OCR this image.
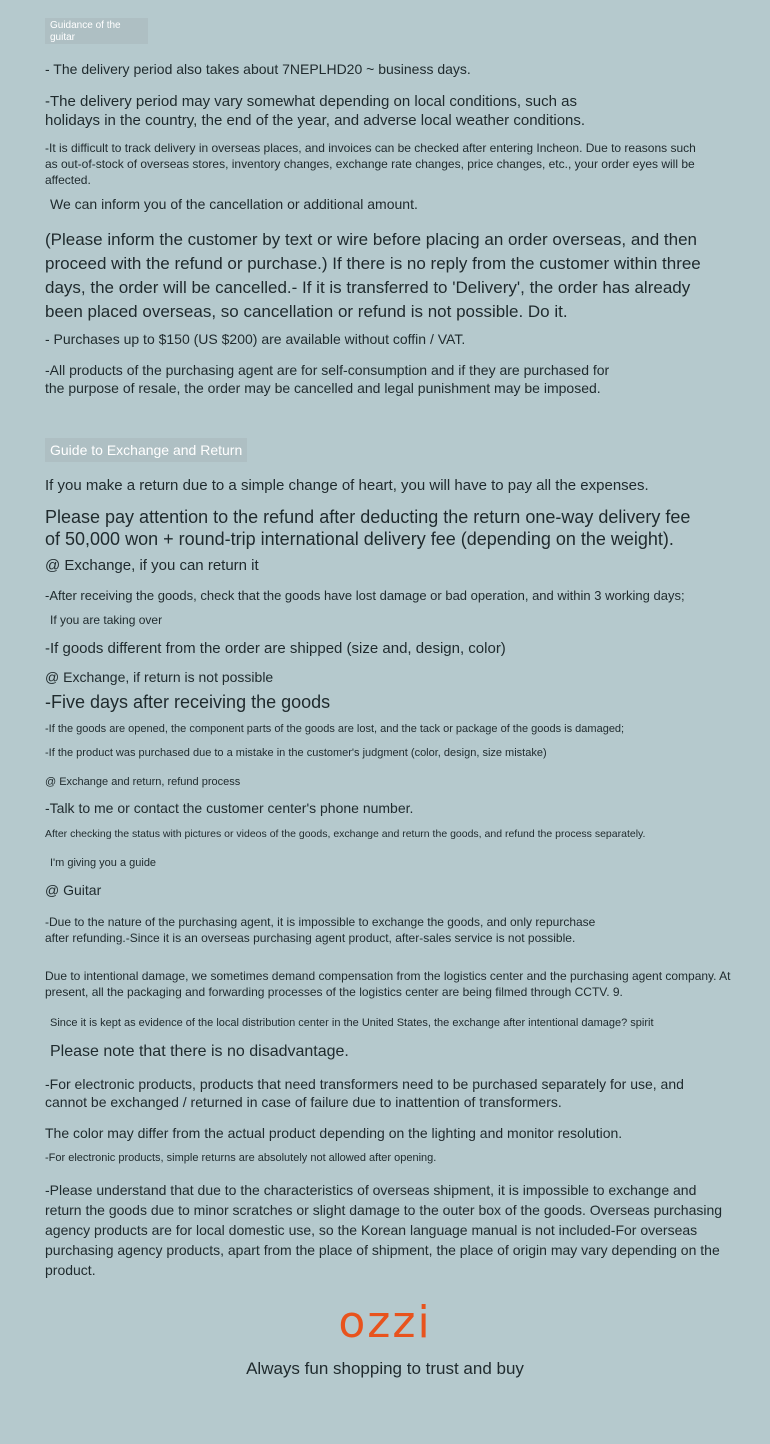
Guidance of the guitar
- The delivery period also takes about 7NEPLHD20 ~ business days.
-The delivery period may vary somewhat depending on local conditions, such as holidays in the country, the end of the year, and adverse local weather conditions.
-It is difficult to track delivery in overseas places, and invoices can be checked after entering Incheon. Due to reasons such as out-of-stock of overseas stores, inventory changes, exchange rate changes, price changes, etc., your order eyes will be affected.
We can inform you of the cancellation or additional amount.
(Please inform the customer by text or wire before placing an order overseas, and then proceed with the refund or purchase.) If there is no reply from the customer within three days, the order will be cancelled.- If it is transferred to 'Delivery', the order has already been placed overseas, so cancellation or refund is not possible. Do it.
- Purchases up to $150 (US $200) are available without coffin / VAT.
-All products of the purchasing agent are for self-consumption and if they are purchased for the purpose of resale, the order may be cancelled and legal punishment may be imposed.
Guide to Exchange and Return
If you make a return due to a simple change of heart, you will have to pay all the expenses.
Please pay attention to the refund after deducting the return one-way delivery fee of 50,000 won + round-trip international delivery fee (depending on the weight).
@ Exchange, if you can return it
-After receiving the goods, check that the goods have lost damage or bad operation, and within 3 working days;
If you are taking over
-If goods different from the order are shipped (size and, design, color)
@ Exchange, if return is not possible
-Five days after receiving the goods
-If the goods are opened, the component parts of the goods are lost, and the tack or package of the goods is damaged;
-If the product was purchased due to a mistake in the customer's judgment (color, design, size mistake)
@ Exchange and return, refund process
-Talk to me or contact the customer center's phone number.
After checking the status with pictures or videos of the goods, exchange and return the goods, and refund the process separately.
I'm giving you a guide
@ Guitar
-Due to the nature of the purchasing agent, it is impossible to exchange the goods, and only repurchase after refunding.-Since it is an overseas purchasing agent product, after-sales service is not possible.
Due to intentional damage, we sometimes demand compensation from the logistics center and the purchasing agent company. At present, all the packaging and forwarding processes of the logistics center are being filmed through CCTV. 9.
Since it is kept as evidence of the local distribution center in the United States, the exchange after intentional damage? spirit
Please note that there is no disadvantage.
-For electronic products, products that need transformers need to be purchased separately for use, and cannot be exchanged / returned in case of failure due to inattention of transformers.
The color may differ from the actual product depending on the lighting and monitor resolution.
-For electronic products, simple returns are absolutely not allowed after opening.
-Please understand that due to the characteristics of overseas shipment, it is impossible to exchange and return the goods due to minor scratches or slight damage to the outer box of the goods. Overseas purchasing agency products are for local domestic use, so the Korean language manual is not included-For overseas purchasing agency products, apart from the place of shipment, the place of origin may vary depending on the product.
ozzi
Always fun shopping to trust and buy
